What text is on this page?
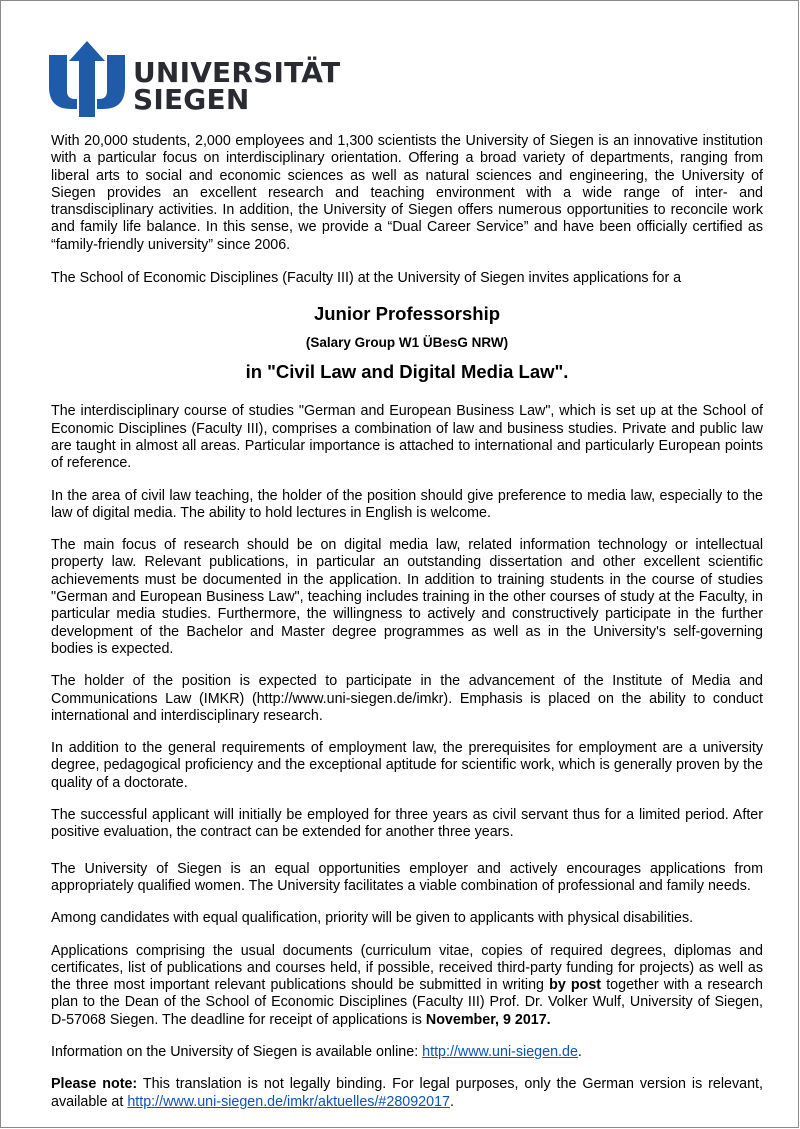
UNIVERSITÄT
SIEGEN

With 20,000 students, 2,000 employees and 1,300 scientists the University of Siegen is an innovative institution with a particular focus on interdisciplinary orientation. Offering a broad variety of departments, ranging from liberal arts to social and economic sciences as well as natural sciences and engineering, the University of Siegen provides an excellent research and teaching environment with a wide range of inter- and transdisciplinary activities. In addition, the University of Siegen offers numerous opportunities to reconcile work and family life balance. In this sense, we provide a “Dual Career Service” and have been officially certified as “family-friendly university” since 2006.

The School of Economic Disciplines (Faculty III) at the University of Siegen invites applications for a

Junior Professorship
(Salary Group W1 ÜBesG NRW)
in "Civil Law and Digital Media Law".

The interdisciplinary course of studies "German and European Business Law", which is set up at the School of Economic Disciplines (Faculty III), comprises a combination of law and business studies. Private and public law are taught in almost all areas. Particular importance is attached to international and particularly European points of reference.

In the area of civil law teaching, the holder of the position should give preference to media law, especially to the law of digital media. The ability to hold lectures in English is welcome.

The main focus of research should be on digital media law, related information technology or intellectual property law. Relevant publications, in particular an outstanding dissertation and other excellent scientific achievements must be documented in the application. In addition to training students in the course of studies "German and European Business Law", teaching includes training in the other courses of study at the Faculty, in particular media studies. Furthermore, the willingness to actively and constructively participate in the further development of the Bachelor and Master degree programmes as well as in the University's self-governing bodies is expected.

The holder of the position is expected to participate in the advancement of the Institute of Media and Communications Law (IMKR) (http://www.uni-siegen.de/imkr). Emphasis is placed on the ability to conduct international and interdisciplinary research.

In addition to the general requirements of employment law, the prerequisites for employment are a university degree, pedagogical proficiency and the exceptional aptitude for scientific work, which is generally proven by the quality of a doctorate.

The successful applicant will initially be employed for three years as civil servant thus for a limited period. After positive evaluation, the contract can be extended for another three years.

The University of Siegen is an equal opportunities employer and actively encourages applications from appropriately qualified women. The University facilitates a viable combination of professional and family needs.

Among candidates with equal qualification, priority will be given to applicants with physical disabilities.

Applications comprising the usual documents (curriculum vitae, copies of required degrees, diplomas and certificates, list of publications and courses held, if possible, received third-party funding for projects) as well as the three most important relevant publications should be submitted in writing by post together with a research plan to the Dean of the School of Economic Disciplines (Faculty III) Prof. Dr. Volker Wulf, University of Siegen, D-57068 Siegen. The deadline for receipt of applications is November, 9 2017.

Information on the University of Siegen is available online: http://www.uni-siegen.de.

Please note: This translation is not legally binding. For legal purposes, only the German version is relevant, available at http://www.uni-siegen.de/imkr/aktuelles/#28092017.
